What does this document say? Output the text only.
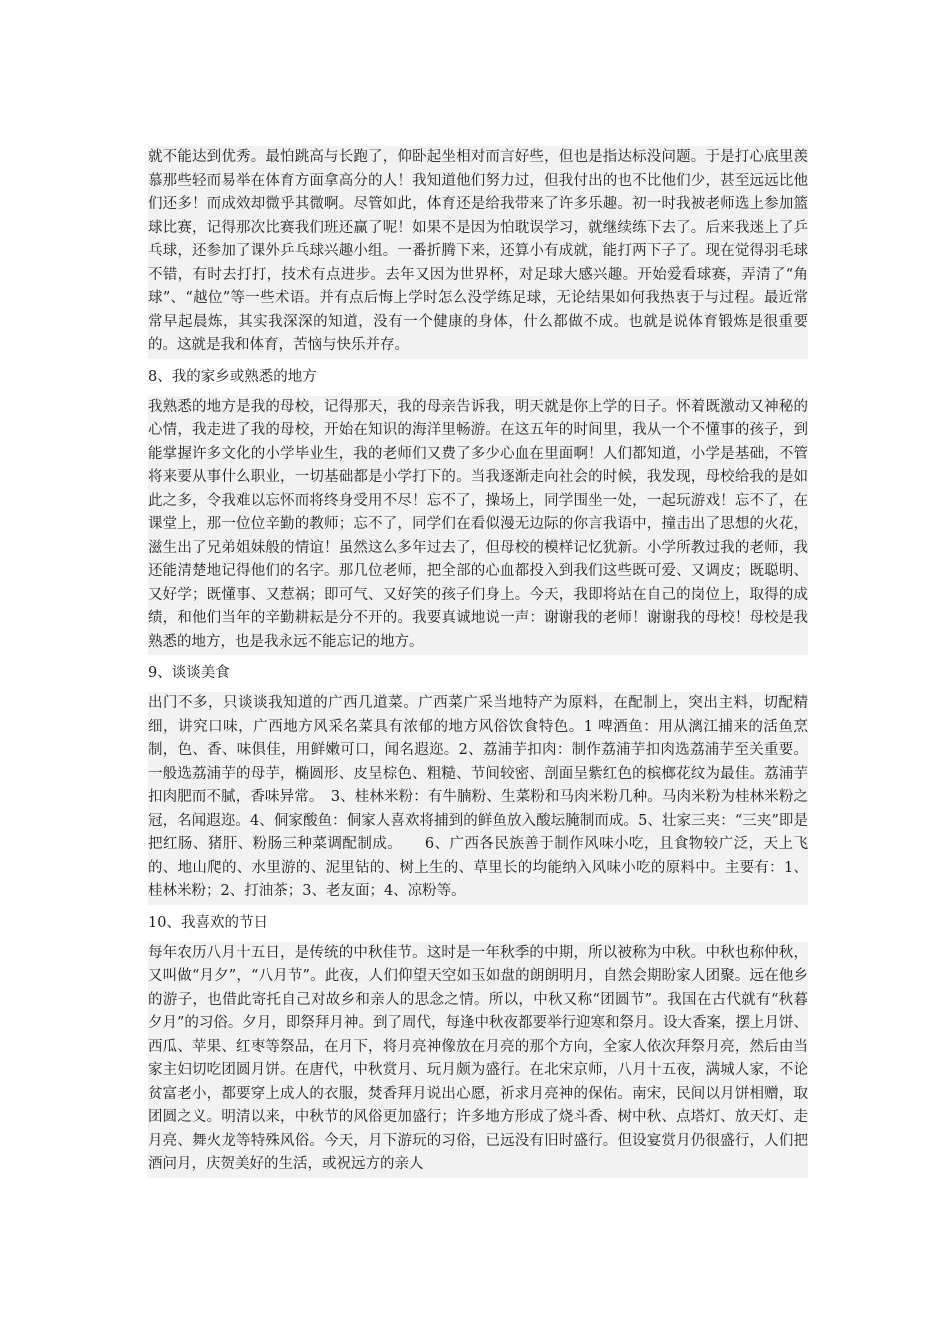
就不能达到优秀。最怕跳高与长跑了，仰卧起坐相对而言好些，但也是指达标没问题。于是打心底里羡慕那些轻而易举在体育方面拿高分的人！我知道他们努力过，但我付出的也不比他们少，甚至远远比他们还多！而成效却微乎其微啊。尽管如此，体育还是给我带来了许多乐趣。初一时我被老师选上参加篮球比赛，记得那次比赛我们班还赢了呢！如果不是因为怕耽误学习，就继续练下去了。后来我迷上了乒乓球，还参加了课外乒乓球兴趣小组。一番折腾下来，还算小有成就，能打两下子了。现在觉得羽毛球不错，有时去打打，技术有点进步。去年又因为世界杯，对足球大感兴趣。开始爱看球赛，弄清了“角球”、“越位”等一些术语。并有点后悔上学时怎么没学练足球，无论结果如何我热衷于与过程。最近常常早起晨炼，其实我深深的知道，没有一个健康的身体，什么都做不成。也就是说体育锻炼是很重要的。这就是我和体育，苦恼与快乐并存。
8、我的家乡或熟悉的地方
我熟悉的地方是我的母校，记得那天，我的母亲告诉我，明天就是你上学的日子。怀着既激动又神秘的心情，我走进了我的母校，开始在知识的海洋里畅游。在这五年的时间里，我从一个不懂事的孩子，到能掌握许多文化的小学毕业生，我的老师们又费了多少心血在里面啊！人们都知道，小学是基础，不管将来要从事什么职业，一切基础都是小学打下的。当我逐渐走向社会的时候，我发现，母校给我的是如此之多，令我难以忘怀而将终身受用不尽！忘不了，操场上，同学围坐一处，一起玩游戏！忘不了，在课堂上，那一位位辛勤的教师；忘不了，同学们在看似漫无边际的你言我语中，撞击出了思想的火花，滋生出了兄弟姐妹般的情谊！虽然这么多年过去了，但母校的模样记忆犹新。小学所教过我的老师，我还能清楚地记得他们的名字。那几位老师，把全部的心血都投入到我们这些既可爱、又调皮；既聪明、又好学；既懂事、又惹祸；即可气、又好笑的孩子们身上。今天，我即将站在自己的岗位上，取得的成绩，和他们当年的辛勤耕耘是分不开的。我要真诚地说一声：谢谢我的老师！谢谢我的母校！母校是我熟悉的地方，也是我永远不能忘记的地方。
9、谈谈美食
出门不多，只谈谈我知道的广西几道菜。广西菜广采当地特产为原料，在配制上，突出主料，切配精细，讲究口味，广西地方风采名菜具有浓郁的地方风俗饮食特色。1 啤酒鱼：用从漓江捕来的活鱼烹制，色、香、味俱佳，用鲜嫩可口，闻名遐迩。2、荔浦芋扣肉：制作荔浦芋扣肉选荔浦芋至关重要。一般选荔浦芋的母芋，椭圆形、皮呈棕色、粗糙、节间较密、剖面呈紫红色的槟榔花纹为最佳。荔浦芋扣肉肥而不腻，香味异常。　3、桂林米粉：有牛腩粉、生菜粉和马肉米粉几种。马肉米粉为桂林米粉之冠，名闻遐迩。4、侗家酸鱼：侗家人喜欢将捕到的鲜鱼放入酸坛腌制而成。5、壮家三夹：“三夹”即是把红肠、猪肝、粉肠三种菜调配制成。　　6、广西各民族善于制作风味小吃，且食物较广泛，天上飞的、地山爬的、水里游的、泥里钻的、树上生的、草里长的均能纳入风味小吃的原料中。主要有：1、桂林米粉；2、打油茶；3、老友面；4、凉粉等。
10、我喜欢的节日
每年农历八月十五日，是传统的中秋佳节。这时是一年秋季的中期，所以被称为中秋。中秋也称仲秋，又叫做“月夕”，“八月节”。此夜，人们仰望天空如玉如盘的朗朗明月，自然会期盼家人团聚。远在他乡的游子，也借此寄托自己对故乡和亲人的思念之情。所以，中秋又称“团圆节”。我国在古代就有“秋暮夕月”的习俗。夕月，即祭拜月神。到了周代，每逢中秋夜都要举行迎寒和祭月。设大香案，摆上月饼、西瓜、苹果、红枣等祭品，在月下，将月亮神像放在月亮的那个方向，全家人依次拜祭月亮，然后由当家主妇切吃团圆月饼。在唐代，中秋赏月、玩月颇为盛行。在北宋京师，八月十五夜，满城人家，不论贫富老小，都要穿上成人的衣服，焚香拜月说出心愿，祈求月亮神的保佑。南宋，民间以月饼相赠，取团圆之义。明清以来，中秋节的风俗更加盛行；许多地方形成了烧斗香、树中秋、点塔灯、放天灯、走月亮、舞火龙等特殊风俗。今天，月下游玩的习俗，已远没有旧时盛行。但设宴赏月仍很盛行，人们把酒问月，庆贺美好的生活，或祝远方的亲人
